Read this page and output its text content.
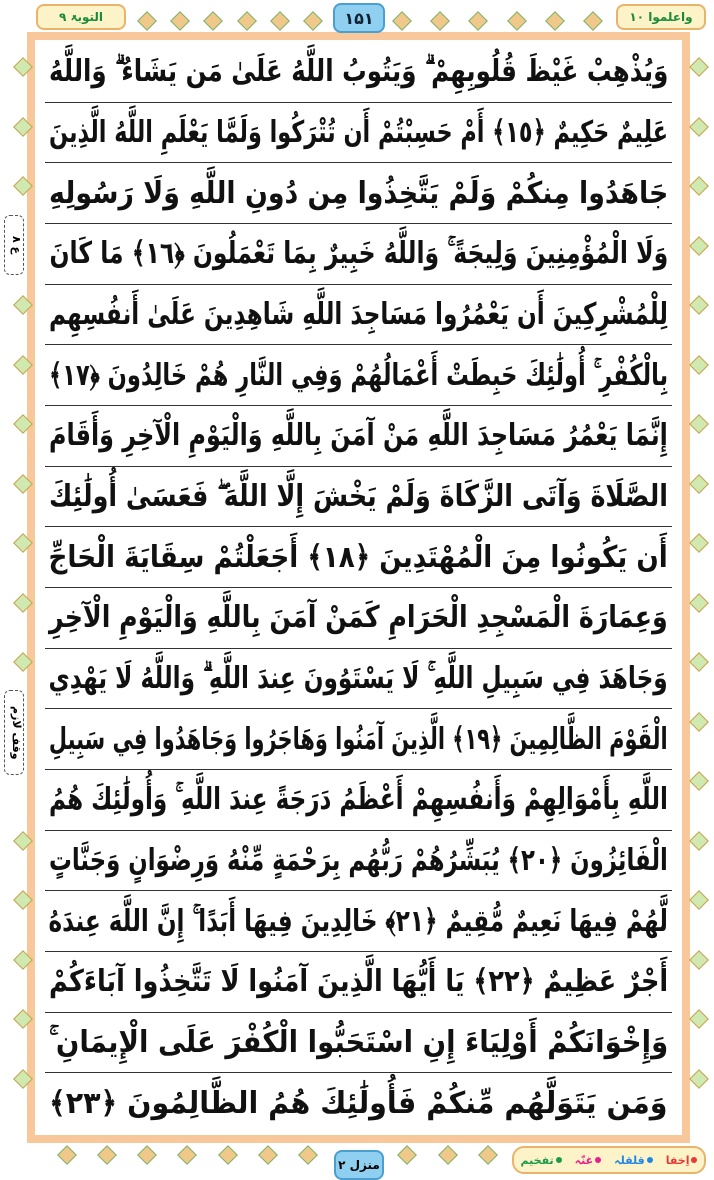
واعلموا ۱۰
التوبۃ ۹	۱۵۱
وَيُذْهِبْ غَيْظَ قُلُوبِهِمْ ۗ وَيَتُوبُ اللَّهُ عَلَىٰ مَن يَشَاءُ ۗ وَاللَّهُ
عَلِيمٌ حَكِيمٌ ﴿١٥﴾ أَمْ حَسِبْتُمْ أَن تُتْرَكُوا وَلَمَّا يَعْلَمِ اللَّهُ الَّذِينَ
جَاهَدُوا مِنكُمْ وَلَمْ يَتَّخِذُوا مِن دُونِ اللَّهِ وَلَا رَسُولِهِ
وَلَا الْمُؤْمِنِينَ وَلِيجَةً ۚ وَاللَّهُ خَبِيرٌ بِمَا تَعْمَلُونَ ﴿١٦﴾ مَا كَانَ
لِلْمُشْرِكِينَ أَن يَعْمُرُوا مَسَاجِدَ اللَّهِ شَاهِدِينَ عَلَىٰ أَنفُسِهِم
بِالْكُفْرِ ۚ أُولَٰئِكَ حَبِطَتْ أَعْمَالُهُمْ وَفِي النَّارِ هُمْ خَالِدُونَ ﴿١٧﴾
إِنَّمَا يَعْمُرُ مَسَاجِدَ اللَّهِ مَنْ آمَنَ بِاللَّهِ وَالْيَوْمِ الْآخِرِ وَأَقَامَ
الصَّلَاةَ وَآتَى الزَّكَاةَ وَلَمْ يَخْشَ إِلَّا اللَّهَ ۖ فَعَسَىٰ أُولَٰئِكَ
أَن يَكُونُوا مِنَ الْمُهْتَدِينَ ﴿١٨﴾ أَجَعَلْتُمْ سِقَايَةَ الْحَاجِّ
وَعِمَارَةَ الْمَسْجِدِ الْحَرَامِ كَمَنْ آمَنَ بِاللَّهِ وَالْيَوْمِ الْآخِرِ
وَجَاهَدَ فِي سَبِيلِ اللَّهِ ۚ لَا يَسْتَوُونَ عِندَ اللَّهِ ۗ وَاللَّهُ لَا يَهْدِي
الْقَوْمَ الظَّالِمِينَ ﴿١٩﴾ الَّذِينَ آمَنُوا وَهَاجَرُوا وَجَاهَدُوا فِي سَبِيلِ
اللَّهِ بِأَمْوَالِهِمْ وَأَنفُسِهِمْ أَعْظَمُ دَرَجَةً عِندَ اللَّهِ ۚ وَأُولَٰئِكَ هُمُ
الْفَائِزُونَ ﴿٢٠﴾ يُبَشِّرُهُمْ رَبُّهُم بِرَحْمَةٍ مِّنْهُ وَرِضْوَانٍ وَجَنَّاتٍ
لَّهُمْ فِيهَا نَعِيمٌ مُّقِيمٌ ﴿٢١﴾ خَالِدِينَ فِيهَا أَبَدًا ۚ إِنَّ اللَّهَ عِندَهُ
أَجْرٌ عَظِيمٌ ﴿٢٢﴾ يَا أَيُّهَا الَّذِينَ آمَنُوا لَا تَتَّخِذُوا آبَاءَكُمْ
وَإِخْوَانَكُمْ أَوْلِيَاءَ إِنِ اسْتَحَبُّوا الْكُفْرَ عَلَى الْإِيمَانِ ۚ
وَمَن يَتَوَلَّهُم مِّنكُمْ فَأُولَٰئِكَ هُمُ الظَّالِمُونَ ﴿٢٣﴾
ع ۸
وقف لازم
منزل ۲	اِخفا
قلقلہ
غنّہ
تفخیم
